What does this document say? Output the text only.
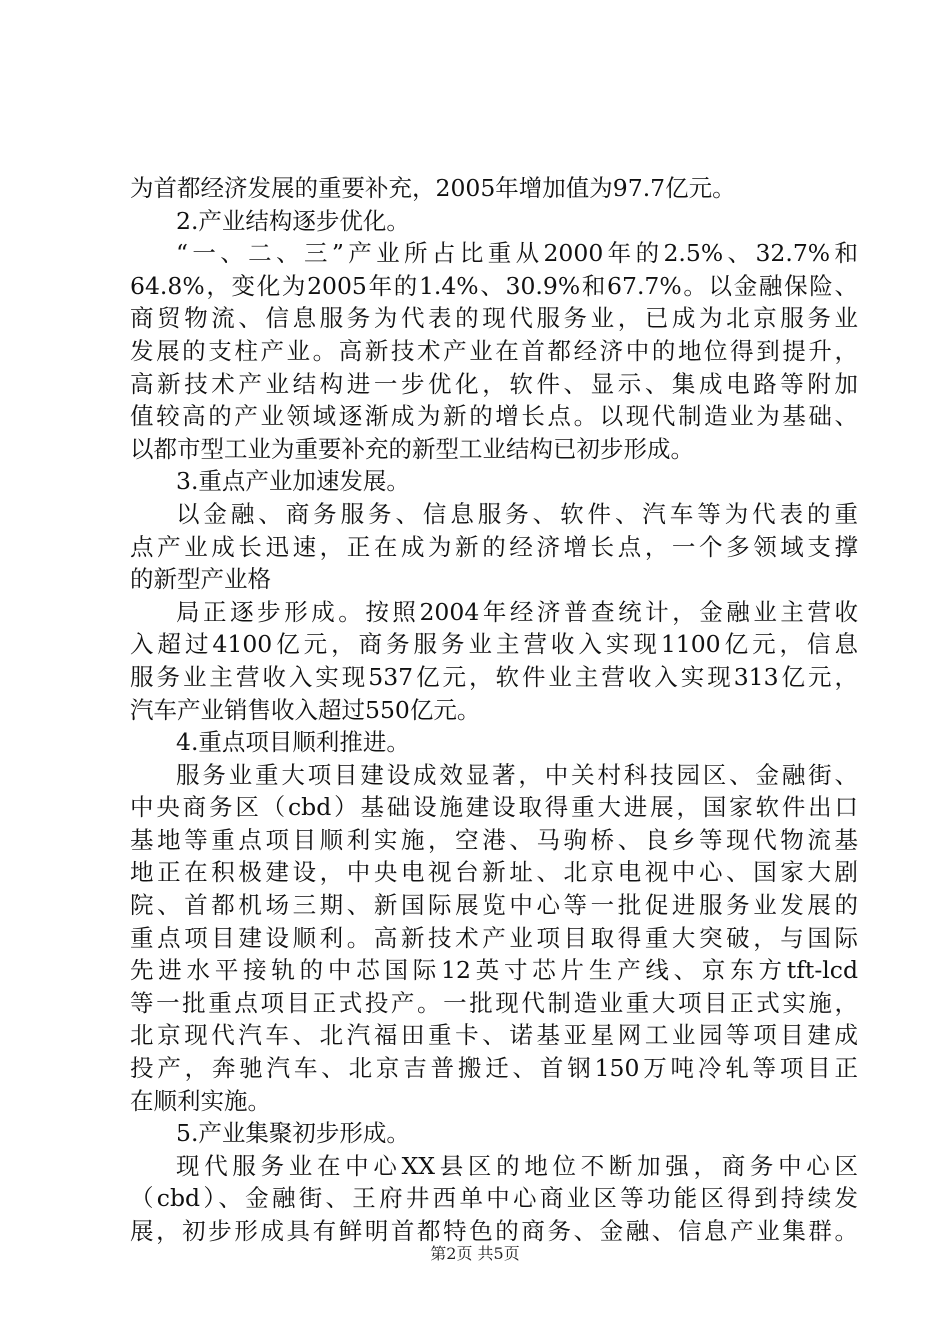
为首都经济发展的重要补充，2005年增加值为97.7亿元。
2.产业结构逐步优化。
“一、二、三”产业所占比重从2000年的2.5%、32.7%和
64.8%，变化为2005年的1.4%、30.9%和67.7%。以金融保险、
商贸物流、信息服务为代表的现代服务业，已成为北京服务业
发展的支柱产业。高新技术产业在首都经济中的地位得到提升，
高新技术产业结构进一步优化，软件、显示、集成电路等附加
值较高的产业领域逐渐成为新的增长点。以现代制造业为基础、
以都市型工业为重要补充的新型工业结构已初步形成。
3.重点产业加速发展。
以金融、商务服务、信息服务、软件、汽车等为代表的重
点产业成长迅速，正在成为新的经济增长点，一个多领域支撑
的新型产业格
局正逐步形成。按照2004年经济普查统计，金融业主营收
入超过4100亿元，商务服务业主营收入实现1100亿元，信息
服务业主营收入实现537亿元，软件业主营收入实现313亿元，
汽车产业销售收入超过550亿元。
4.重点项目顺利推进。
服务业重大项目建设成效显著，中关村科技园区、金融街、
中央商务区（cbd）基础设施建设取得重大进展，国家软件出口
基地等重点项目顺利实施，空港、马驹桥、良乡等现代物流基
地正在积极建设，中央电视台新址、北京电视中心、国家大剧
院、首都机场三期、新国际展览中心等一批促进服务业发展的
重点项目建设顺利。高新技术产业项目取得重大突破，与国际
先进水平接轨的中芯国际12英寸芯片生产线、京东方tft-lcd
等一批重点项目正式投产。一批现代制造业重大项目正式实施，
北京现代汽车、北汽福田重卡、诺基亚星网工业园等项目建成
投产，奔驰汽车、北京吉普搬迁、首钢150万吨冷轧等项目正
在顺利实施。
5.产业集聚初步形成。
现代服务业在中心XX县区的地位不断加强，商务中心区
（cbd）、金融街、王府井西单中心商业区等功能区得到持续发
展，初步形成具有鲜明首都特色的商务、金融、信息产业集群。
第2页 共5页
